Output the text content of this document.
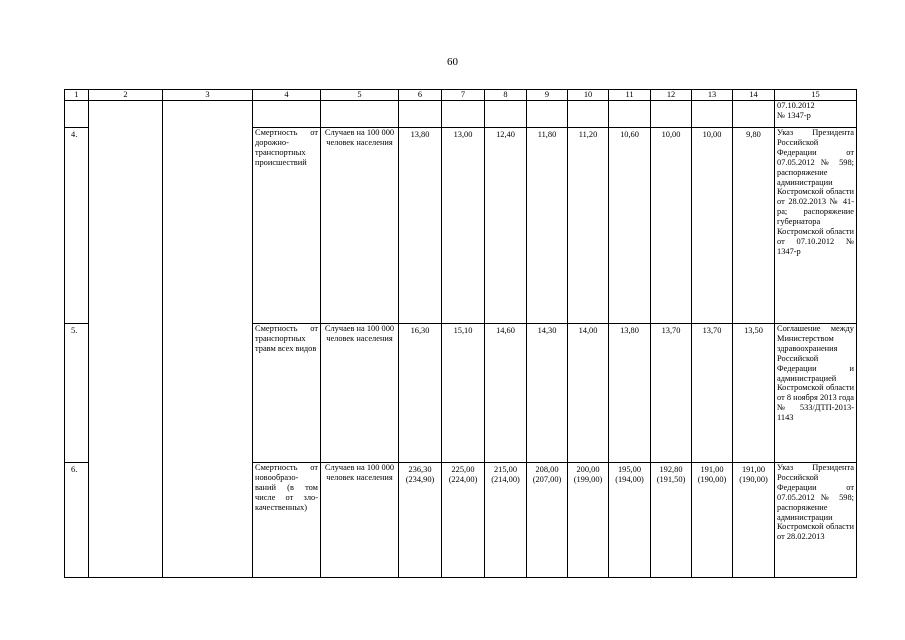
60
1	2	3	4	5	6	7	8	9	10	11	12	13	14	15
														07.10.2012
№ 1347-р
4.			Смертность от дорожно-транспортных происшествий	Случаев на 100 000 человек населения	13,80	13,00	12,40	11,80	11,20	10,60	10,00	10,00	9,80	Указ Президента Российской Федерации от 07.05.2012 № 598; распоряжение администрации Костромской области от 28.02.2013 № 41-ра; распоряжение губернатора Костромской области от 07.10.2012 № 1347-р
5.			Смертность от транспортных травм всех видов	Случаев на 100 000 человек населения	16,30	15,10	14,60	14,30	14,00	13,80	13,70	13,70	13,50	Соглашение между Министерством здравоохранения Российской Федерации и администрацией Костромской области от 8 ноября 2013 года № 533/ДТП-2013-1143
6.			Смертность от новообразо-ваний (в том числе от зло-качественных)	Случаев на 100 000 человек населения	236,30
(234,90)	225,00
(224,00)	215,00
(214,00)	208,00
(207,00)	200,00
(199,00)	195,00
(194,00)	192,80
(191,50)	191,00
(190,00)	191,00
(190,00)	Указ Президента Российской Федерации от 07.05.2012 № 598; распоряжение администрации Костромской области от 28.02.2013
